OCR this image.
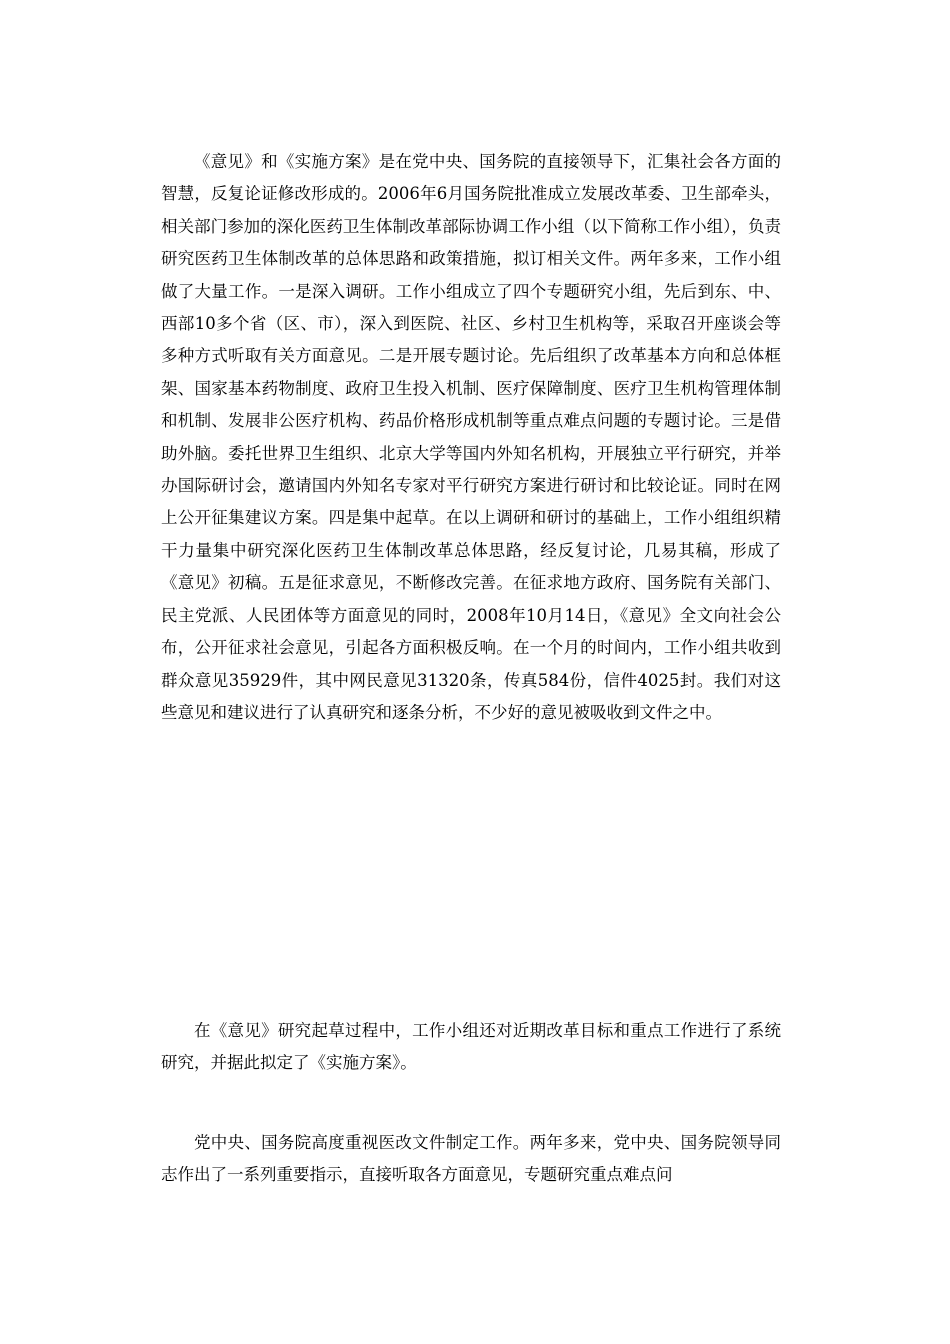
《意见》和《实施方案》是在党中央、国务院的直接领导下，汇集社会各方面的智慧，反复论证修改形成的。2006年6月国务院批准成立发展改革委、卫生部牵头，相关部门参加的深化医药卫生体制改革部际协调工作小组（以下简称工作小组），负责研究医药卫生体制改革的总体思路和政策措施，拟订相关文件。两年多来，工作小组做了大量工作。一是深入调研。工作小组成立了四个专题研究小组，先后到东、中、西部10多个省（区、市），深入到医院、社区、乡村卫生机构等，采取召开座谈会等多种方式听取有关方面意见。二是开展专题讨论。先后组织了改革基本方向和总体框架、国家基本药物制度、政府卫生投入机制、医疗保障制度、医疗卫生机构管理体制和机制、发展非公医疗机构、药品价格形成机制等重点难点问题的专题讨论。三是借助外脑。委托世界卫生组织、北京大学等国内外知名机构，开展独立平行研究，并举办国际研讨会，邀请国内外知名专家对平行研究方案进行研讨和比较论证。同时在网上公开征集建议方案。四是集中起草。在以上调研和研讨的基础上，工作小组组织精干力量集中研究深化医药卫生体制改革总体思路，经反复讨论，几易其稿，形成了《意见》初稿。五是征求意见，不断修改完善。在征求地方政府、国务院有关部门、民主党派、人民团体等方面意见的同时，2008年10月14日，《意见》全文向社会公布，公开征求社会意见，引起各方面积极反响。在一个月的时间内，工作小组共收到群众意见35929件，其中网民意见31320条，传真584份，信件4025封。我们对这些意见和建议进行了认真研究和逐条分析，不少好的意见被吸收到文件之中。

在《意见》研究起草过程中，工作小组还对近期改革目标和重点工作进行了系统研究，并据此拟定了《实施方案》。

党中央、国务院高度重视医改文件制定工作。两年多来，党中央、国务院领导同志作出了一系列重要指示，直接听取各方面意见，专题研究重点难点问
